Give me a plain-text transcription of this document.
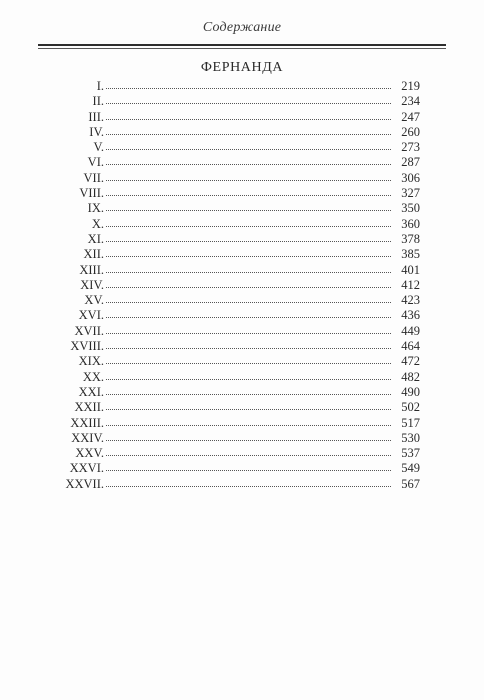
Содержание
ФЕРНАНДА
I.	219
II.	234
III.	247
IV.	260
V.	273
VI.	287
VII.	306
VIII.	327
IX.	350
X.	360
XI.	378
XII.	385
XIII.	401
XIV.	412
XV.	423
XVI.	436
XVII.	449
XVIII.	464
XIX.	472
XX.	482
XXI.	490
XXII.	502
XXIII.	517
XXIV.	530
XXV.	537
XXVI.	549
XXVII.	567
